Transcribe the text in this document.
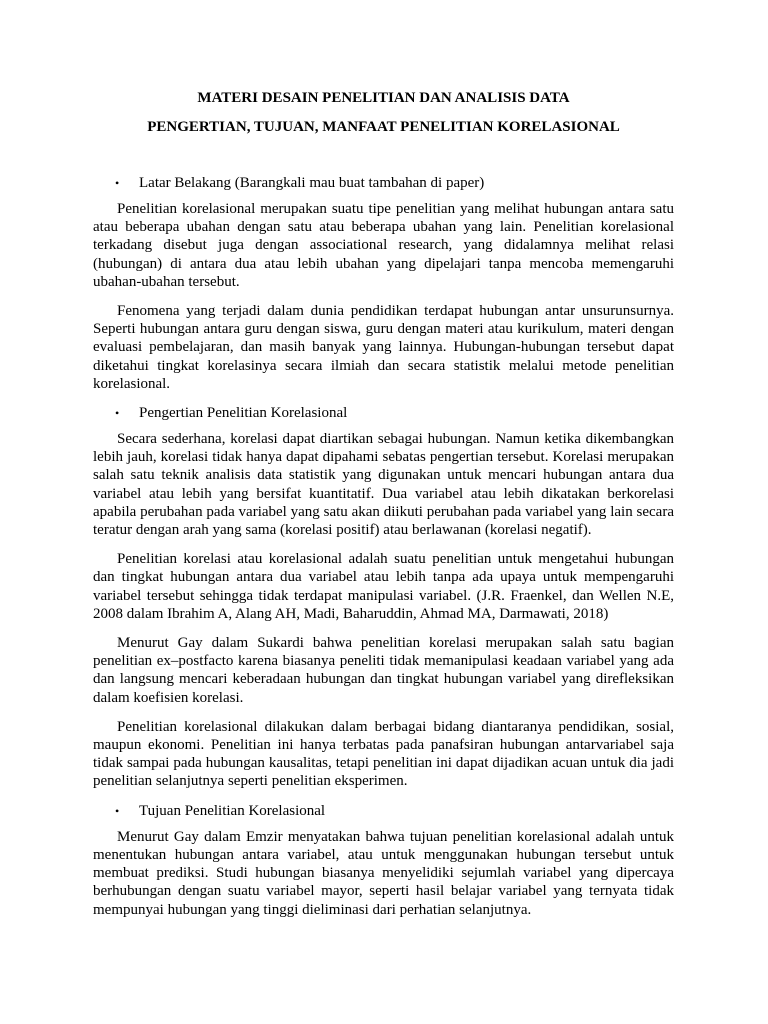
MATERI DESAIN PENELITIAN DAN ANALISIS DATA

PENGERTIAN, TUJUAN, MANFAAT PENELITIAN KORELASIONAL

•	Latar Belakang (Barangkali mau buat tambahan di paper)

Penelitian korelasional merupakan suatu tipe penelitian yang melihat hubungan antara satu atau beberapa ubahan dengan satu atau beberapa ubahan yang lain. Penelitian korelasional terkadang disebut juga dengan associational research, yang didalamnya melihat relasi (hubungan) di antara dua atau lebih ubahan yang dipelajari tanpa mencoba memengaruhi ubahan-ubahan tersebut.

Fenomena yang terjadi dalam dunia pendidikan terdapat hubungan antar unsurunsurnya. Seperti hubungan antara guru dengan siswa, guru dengan materi atau kurikulum, materi dengan evaluasi pembelajaran, dan masih banyak yang lainnya. Hubungan-hubungan tersebut dapat diketahui tingkat korelasinya secara ilmiah dan secara statistik melalui metode penelitian korelasional.

•	Pengertian Penelitian Korelasional

Secara sederhana, korelasi dapat diartikan sebagai hubungan. Namun ketika dikembangkan lebih jauh, korelasi tidak hanya dapat dipahami sebatas pengertian tersebut. Korelasi merupakan salah satu teknik analisis data statistik yang digunakan untuk mencari hubungan antara dua variabel atau lebih yang bersifat kuantitatif. Dua variabel atau lebih dikatakan berkorelasi apabila perubahan pada variabel yang satu akan diikuti perubahan pada variabel yang lain secara teratur dengan arah yang sama (korelasi positif) atau berlawanan (korelasi negatif).

Penelitian korelasi atau korelasional adalah suatu penelitian untuk mengetahui hubungan dan tingkat hubungan antara dua variabel atau lebih tanpa ada upaya untuk mempengaruhi variabel tersebut sehingga tidak terdapat manipulasi variabel. (J.R. Fraenkel, dan Wellen N.E, 2008 dalam Ibrahim A, Alang AH, Madi, Baharuddin, Ahmad MA, Darmawati, 2018)

Menurut Gay dalam Sukardi bahwa penelitian korelasi merupakan salah satu bagian penelitian ex–postfacto karena biasanya peneliti tidak memanipulasi keadaan variabel yang ada dan langsung mencari keberadaan hubungan dan tingkat hubungan variabel yang direfleksikan dalam koefisien korelasi.

Penelitian korelasional dilakukan dalam berbagai bidang diantaranya pendidikan, sosial, maupun ekonomi. Penelitian ini hanya terbatas pada panafsiran hubungan antarvariabel saja tidak sampai pada hubungan kausalitas, tetapi penelitian ini dapat dijadikan acuan untuk dia jadi penelitian selanjutnya seperti penelitian eksperimen.

•	Tujuan Penelitian Korelasional

Menurut Gay dalam Emzir menyatakan bahwa tujuan penelitian korelasional adalah untuk menentukan hubungan antara variabel, atau untuk menggunakan hubungan tersebut untuk membuat prediksi. Studi hubungan biasanya menyelidiki sejumlah variabel yang dipercaya berhubungan dengan suatu variabel mayor, seperti hasil belajar variabel yang ternyata tidak mempunyai hubungan yang tinggi dieliminasi dari perhatian selanjutnya.
